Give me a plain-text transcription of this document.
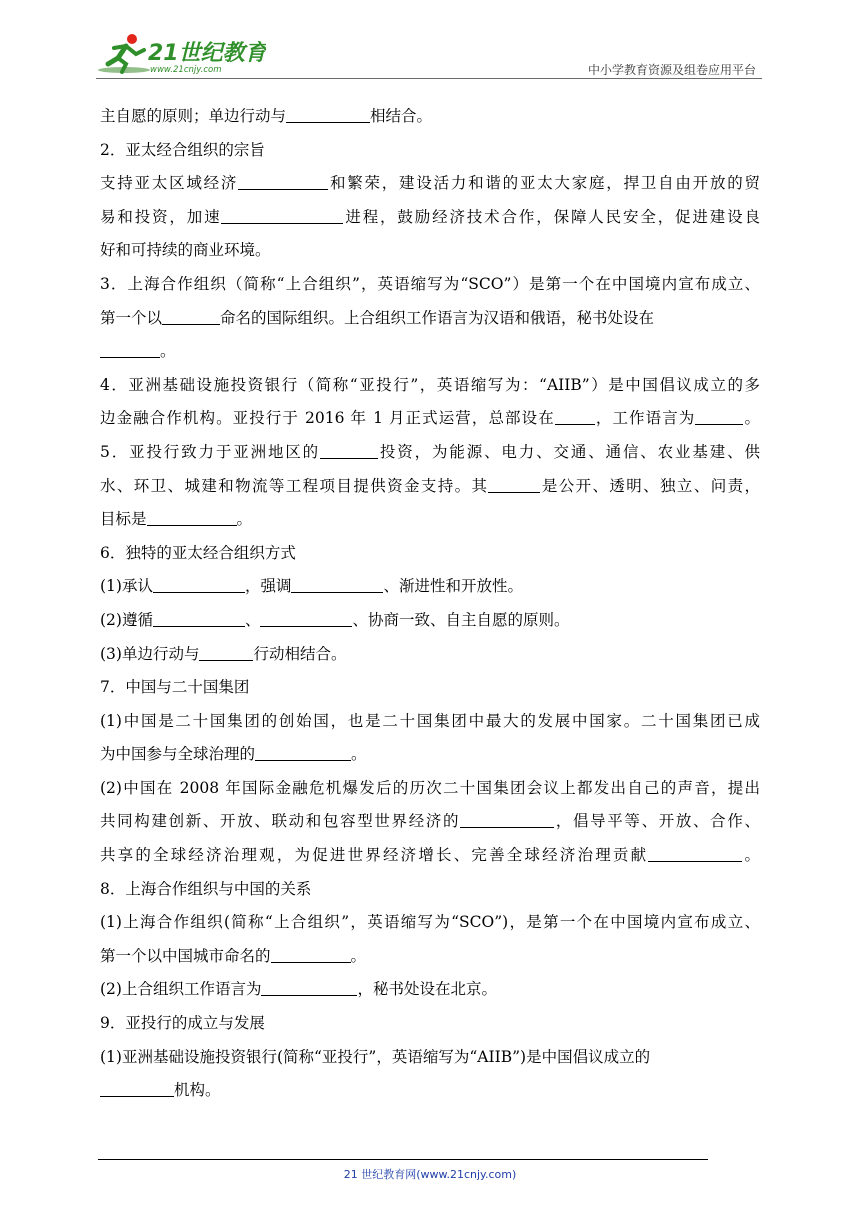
21世纪教育
www.21cnjy.com	中小学教育资源及组卷应用平台
主自愿的原则；单边行动与	相结合。
2．亚太经合组织的宗旨
支持亚太区域经济	和繁荣，建设活力和谐的亚太大家庭，捍卫自由开放的贸
易和投资，加速	进程，鼓励经济技术合作，保障人民安全，促进建设良
好和可持续的商业环境。
3．上海合作组织（简称“上合组织”，英语缩写为“SCO”）是第一个在中国境内宣布成立、
第一个以	命名的国际组织。上合组织工作语言为汉语和俄语，秘书处设在
。
4．亚洲基础设施投资银行（简称“亚投行”，英语缩写为：“AIIB”）是中国倡议成立的多
边金融合作机构。亚投行于 2016 年 1 月正式运营，总部设在	，工作语言为	。
5．亚投行致力于亚洲地区的	投资，为能源、电力、交通、通信、农业基建、供
水、环卫、城建和物流等工程项目提供资金支持。其	是公开、透明、独立、问责，
目标是	。
6．独特的亚太经合组织方式
(1)承认	，强调	、渐进性和开放性。
(2)遵循	、	、协商一致、自主自愿的原则。
(3)单边行动与	行动相结合。
7．中国与二十国集团
(1)中国是二十国集团的创始国，也是二十国集团中最大的发展中国家。二十国集团已成
为中国参与全球治理的	。
(2)中国在 2008 年国际金融危机爆发后的历次二十国集团会议上都发出自己的声音，提出
共同构建创新、开放、联动和包容型世界经济的	，倡导平等、开放、合作、
共享的全球经济治理观，为促进世界经济增长、完善全球经济治理贡献	。
8．上海合作组织与中国的关系
(1)上海合作组织(简称“上合组织”，英语缩写为“SCO”)，是第一个在中国境内宣布成立、
第一个以中国城市命名的	。
(2)上合组织工作语言为	，秘书处设在北京。
9．亚投行的成立与发展
(1)亚洲基础设施投资银行(简称“亚投行”，英语缩写为“AIIB”)是中国倡议成立的
机构。
21 世纪教育网(www.21cnjy.com)
